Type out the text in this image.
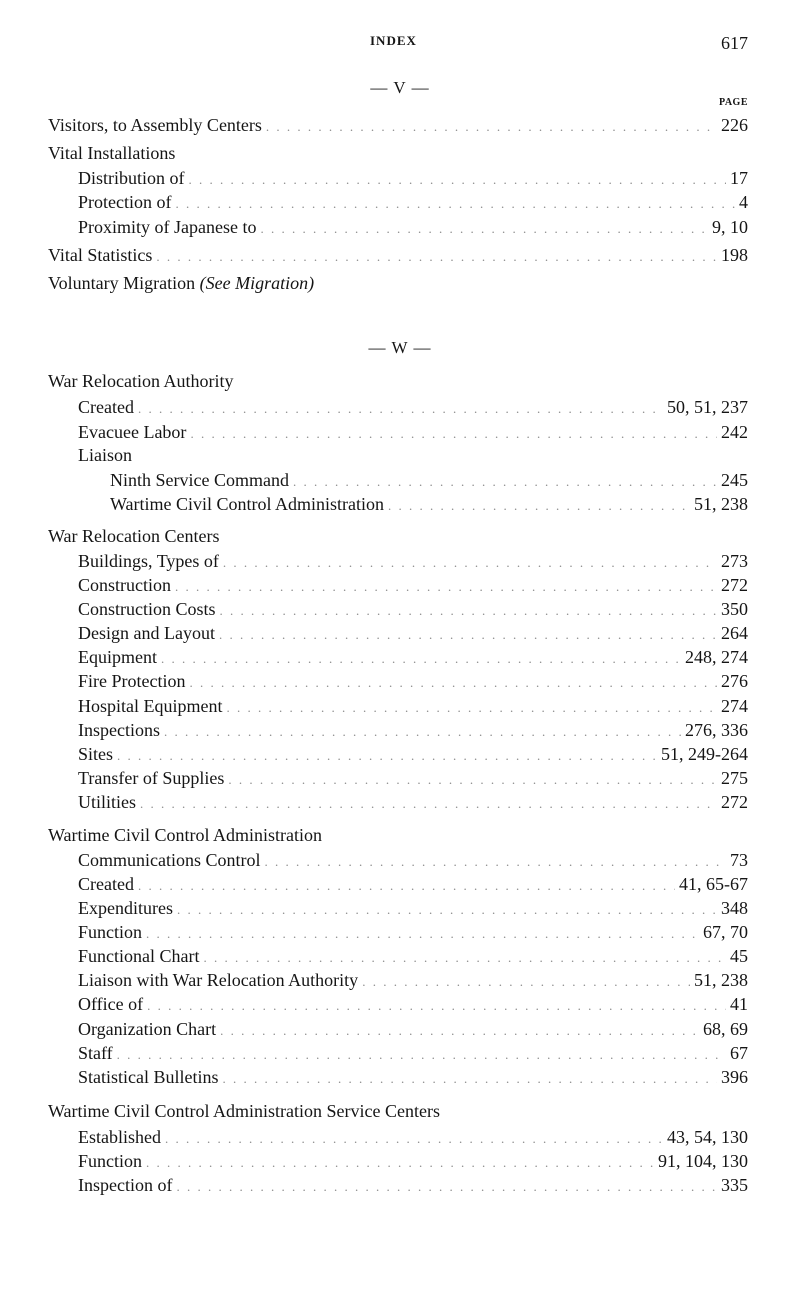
INDEX	617
— V —
PAGE
Visitors, to Assembly Centers . . .	226
Vital Installations
Distribution of . . .	17
Protection of . . .	4
Proximity of Japanese to . . .	9, 10
Vital Statistics . . .	198
Voluntary Migration (See Migration)
— W —
War Relocation Authority
Created . . .	50, 51, 237
Evacuee Labor . . .	242
Liaison
Ninth Service Command . . .	245
Wartime Civil Control Administration . . .	51, 238
War Relocation Centers
Buildings, Types of . . .	273
Construction . . .	272
Construction Costs . . .	350
Design and Layout . . .	264
Equipment . . .	248, 274
Fire Protection . . .	276
Hospital Equipment . . .	274
Inspections . . .	276, 336
Sites . . .	51, 249-264
Transfer of Supplies . . .	275
Utilities . . .	272
Wartime Civil Control Administration
Communications Control . . .	73
Created . . .	41, 65-67
Expenditures . . .	348
Function . . .	67, 70
Functional Chart . . .	45
Liaison with War Relocation Authority . . .	51, 238
Office of . . .	41
Organization Chart . . .	68, 69
Staff . . .	67
Statistical Bulletins . . .	396
Wartime Civil Control Administration Service Centers
Established . . .	43, 54, 130
Function . . .	91, 104, 130
Inspection of . . .	335
